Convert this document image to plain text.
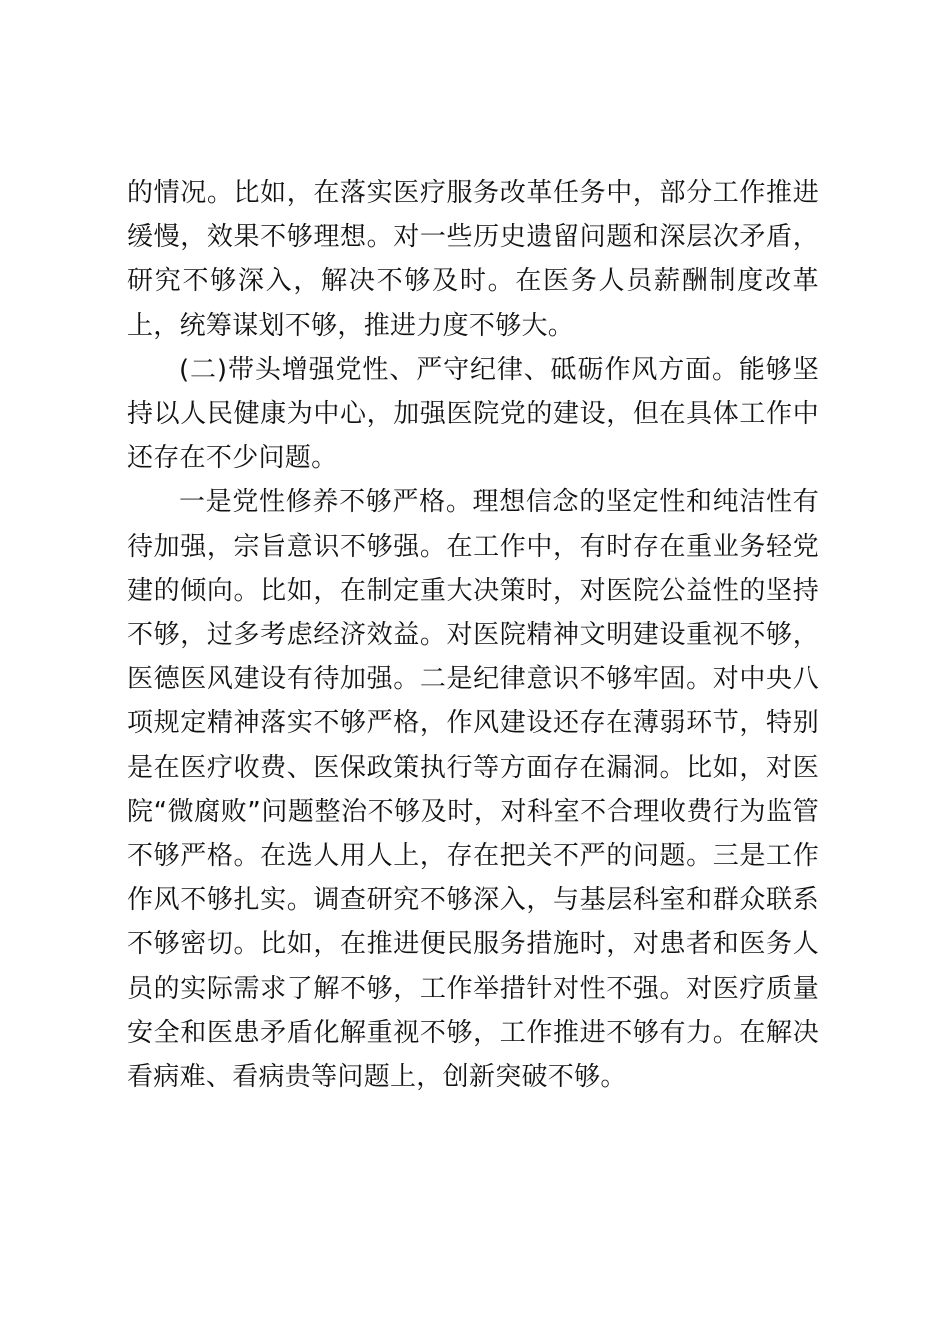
的情况。比如，在落实医疗服务改革任务中，部分工作推进缓慢，效果不够理想。对一些历史遗留问题和深层次矛盾，研究不够深入，解决不够及时。在医务人员薪酬制度改革上，统筹谋划不够，推进力度不够大。

(二)带头增强党性、严守纪律、砥砺作风方面。能够坚持以人民健康为中心，加强医院党的建设，但在具体工作中还存在不少问题。

一是党性修养不够严格。理想信念的坚定性和纯洁性有待加强，宗旨意识不够强。在工作中，有时存在重业务轻党建的倾向。比如，在制定重大决策时，对医院公益性的坚持不够，过多考虑经济效益。对医院精神文明建设重视不够，医德医风建设有待加强。二是纪律意识不够牢固。对中央八项规定精神落实不够严格，作风建设还存在薄弱环节，特别是在医疗收费、医保政策执行等方面存在漏洞。比如，对医院“微腐败”问题整治不够及时，对科室不合理收费行为监管不够严格。在选人用人上，存在把关不严的问题。三是工作作风不够扎实。调查研究不够深入，与基层科室和群众联系不够密切。比如，在推进便民服务措施时，对患者和医务人员的实际需求了解不够，工作举措针对性不强。对医疗质量安全和医患矛盾化解重视不够，工作推进不够有力。在解决看病难、看病贵等问题上，创新突破不够。
